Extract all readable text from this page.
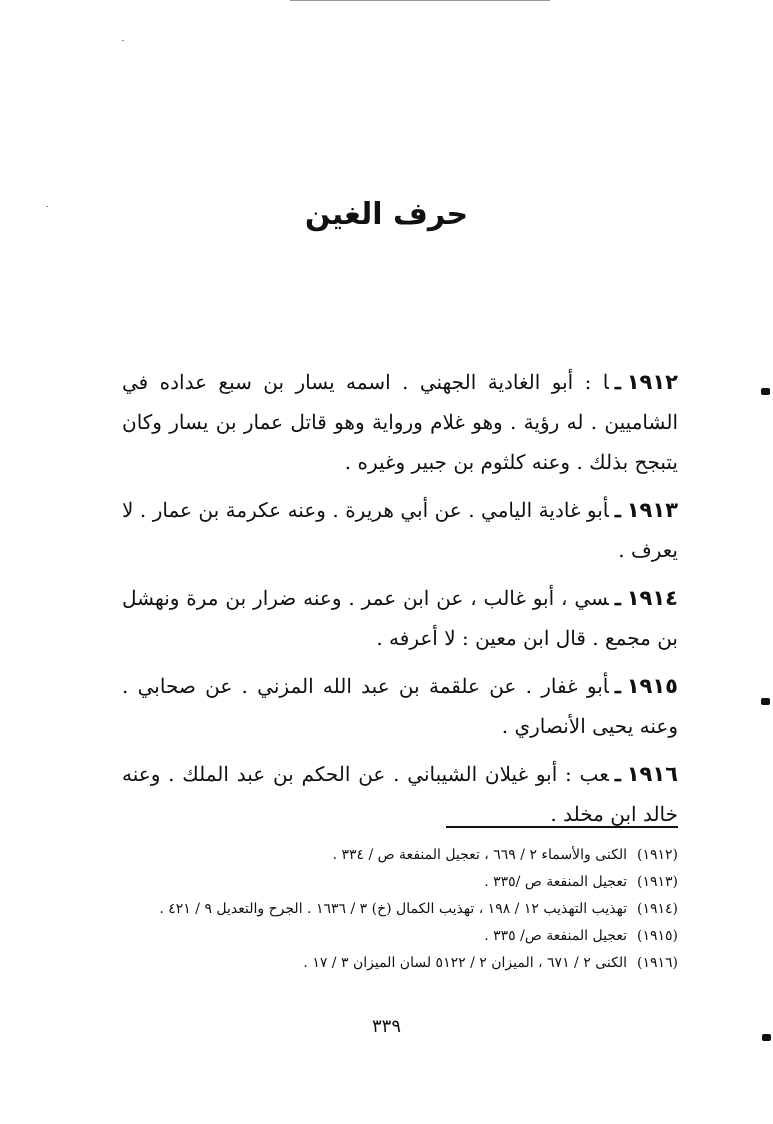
حرف الغين

١٩١٢ـا : أبو الغادية الجهني . اسمه يسار بن سبع عداده في الشاميين . له رؤية . وهو غلام ورواية وهو قاتل عمار بن يسار وكان يتبجح بذلك . وعنه كلثوم بن جبير وغيره .

١٩١٣ـأبو غادية اليامي . عن أبي هريرة . وعنه عكرمة بن عمار . لا يعرف .

١٩١٤ـسي ، أبو غالب ، عن ابن عمر . وعنه ضرار بن مرة ونهشل بن مجمع . قال ابن معين : لا أعرفه .

١٩١٥ـأبو غفار . عن علقمة بن عبد الله المزني . عن صحابي . وعنه يحيى الأنصاري .

١٩١٦ـعب : أبو غيلان الشيباني . عن الحكم بن عبد الملك . وعنه خالد ابن مخلد .

(١٩١٢)الكنى والأسماء ٢ / ٦٦٩ ، تعجيل المنفعة ص / ٣٣٤ .

(١٩١٣)تعجيل المنفعة ص /٣٣٥ .

(١٩١٤)تهذيب التهذيب ١٢ / ١٩٨ ، تهذيب الكمال (خ) ٣ / ١٦٣٦ . الجرح والتعديل ٩ / ٤٢١ .

(١٩١٥)تعجيل المنفعة ص/ ٣٣٥ .

(١٩١٦)الكنى ٢ / ٦٧١ ، الميزان ٢ / ٥١٢٢ لسان الميزان ٣ / ١٧ .

٣٣٩
